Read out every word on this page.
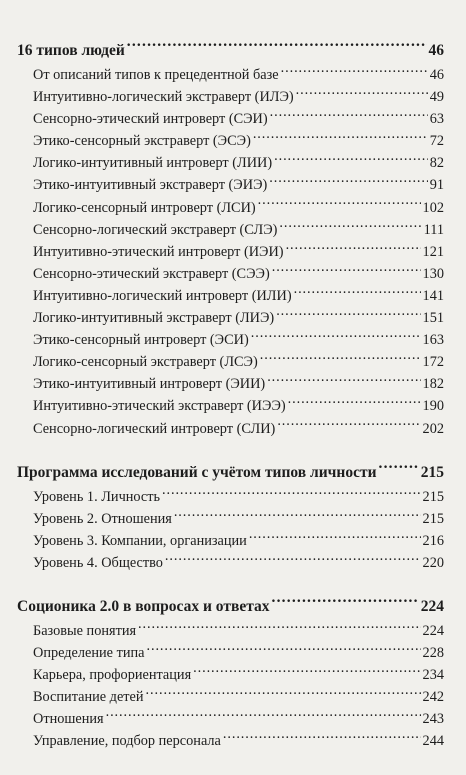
16 типов людей .....	46
От описаний типов к прецедентной базе .....	46
Интуитивно-логический экстраверт (ИЛЭ) .....	49
Сенсорно-этический интроверт (СЭИ) .....	63
Этико-сенсорный экстраверт (ЭСЭ) .....	72
Логико-интуитивный интроверт (ЛИИ) .....	82
Этико-интуитивный экстраверт (ЭИЭ) .....	91
Логико-сенсорный интроверт (ЛСИ) .....	102
Сенсорно-логический экстраверт (СЛЭ) .....	111
Интуитивно-этический интроверт (ИЭИ) .....	121
Сенсорно-этический экстраверт (СЭЭ) .....	130
Интуитивно-логический интроверт (ИЛИ) .....	141
Логико-интуитивный экстраверт (ЛИЭ) .....	151
Этико-сенсорный интроверт (ЭСИ) .....	163
Логико-сенсорный экстраверт (ЛСЭ) .....	172
Этико-интуитивный интроверт (ЭИИ) .....	182
Интуитивно-этический экстраверт (ИЭЭ) .....	190
Сенсорно-логический интроверт (СЛИ) .....	202
Программа исследований с учётом типов личности .....	215
Уровень 1. Личность .....	215
Уровень 2. Отношения .....	215
Уровень 3. Компании, организации .....	216
Уровень 4. Общество .....	220
Соционика 2.0 в вопросах и ответах .....	224
Базовые понятия .....	224
Определение типа .....	228
Карьера, профориентация .....	234
Воспитание детей .....	242
Отношения .....	243
Управление, подбор персонала .....	244
